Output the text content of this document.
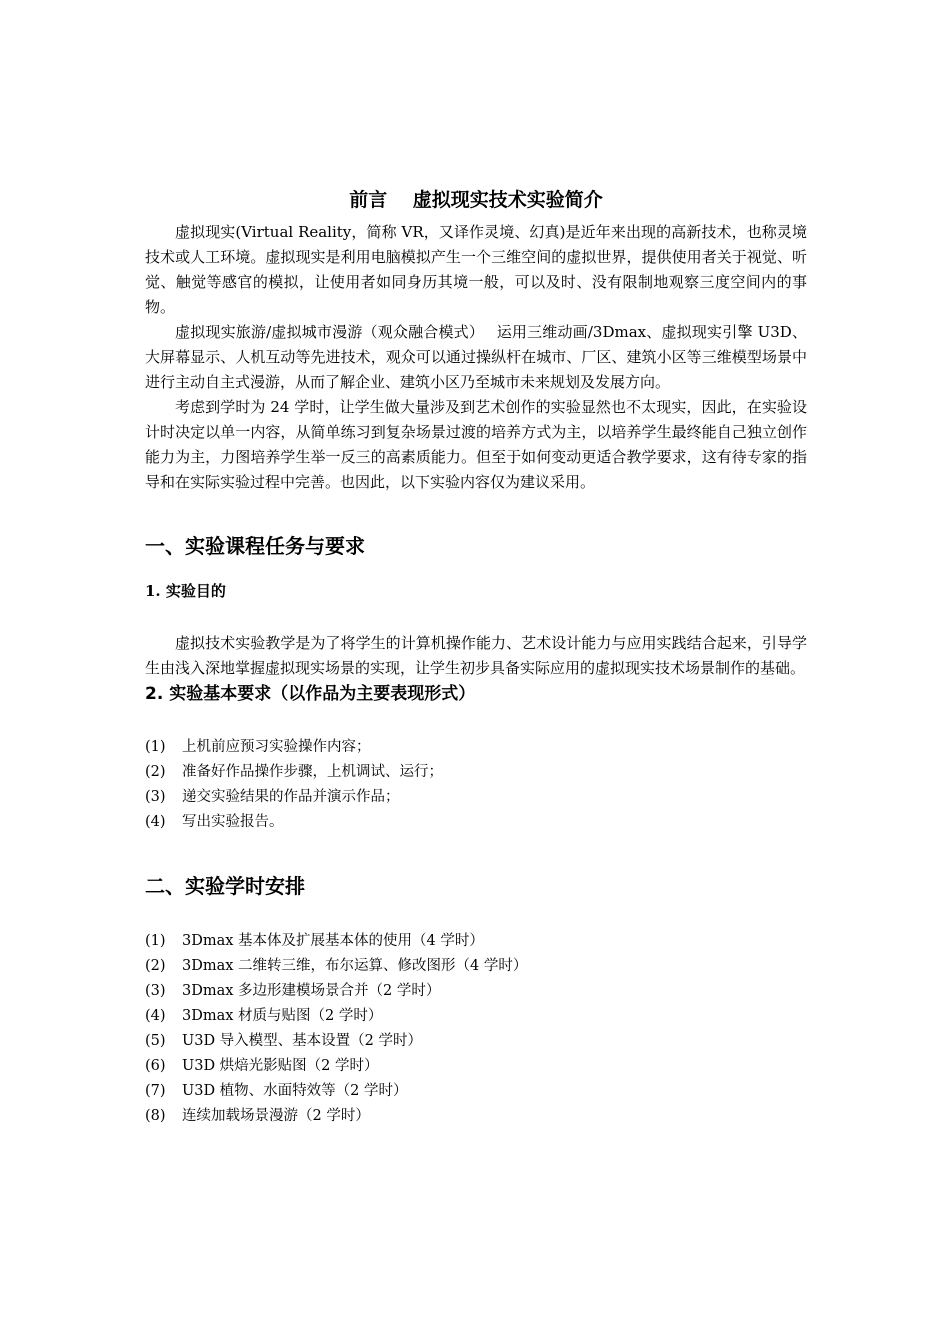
前言　 虚拟现实技术实验简介

虚拟现实(Virtual Reality，简称 VR，又译作灵境、幻真)是近年来出现的高新技术，也称灵境技术或人工环境。虚拟现实是利用电脑模拟产生一个三维空间的虚拟世界，提供使用者关于视觉、听觉、触觉等感官的模拟，让使用者如同身历其境一般，可以及时、没有限制地观察三度空间内的事物。

虚拟现实旅游/虚拟城市漫游（观众融合模式）　 运用三维动画/3Dmax、虚拟现实引擎 U3D、大屏幕显示、人机互动等先进技术，观众可以通过操纵杆在城市、厂区、建筑小区等三维模型场景中进行主动自主式漫游，从而了解企业、建筑小区乃至城市未来规划及发展方向。

考虑到学时为 24 学时，让学生做大量涉及到艺术创作的实验显然也不太现实，因此，在实验设计时决定以单一内容，从简单练习到复杂场景过渡的培养方式为主，以培养学生最终能自己独立创作能力为主，力图培养学生举一反三的高素质能力。但至于如何变动更适合教学要求，这有待专家的指导和在实际实验过程中完善。也因此，以下实验内容仅为建议采用。

一、实验课程任务与要求
1. 实验目的

虚拟技术实验教学是为了将学生的计算机操作能力、艺术设计能力与应用实践结合起来，引导学生由浅入深地掌握虚拟现实场景的实现，让学生初步具备实际应用的虚拟现实技术场景制作的基础。

2. 实验基本要求（以作品为主要表现形式）
(1)	上机前应预习实验操作内容；
(2)	准备好作品操作步骤，上机调试、运行；
(3)	递交实验结果的作品并演示作品；
(4)	写出实验报告。
二、实验学时安排
(1)	3Dmax 基本体及扩展基本体的使用（4 学时）
(2)	3Dmax 二维转三维，布尔运算、修改图形（4 学时）
(3)	3Dmax 多边形建模场景合并（2 学时）
(4)	3Dmax 材质与贴图（2 学时）
(5)	U3D 导入模型、基本设置（2 学时）
(6)	U3D 烘焙光影贴图（2 学时）
(7)	U3D 植物、水面特效等（2 学时）
(8)	连续加载场景漫游（2 学时）
